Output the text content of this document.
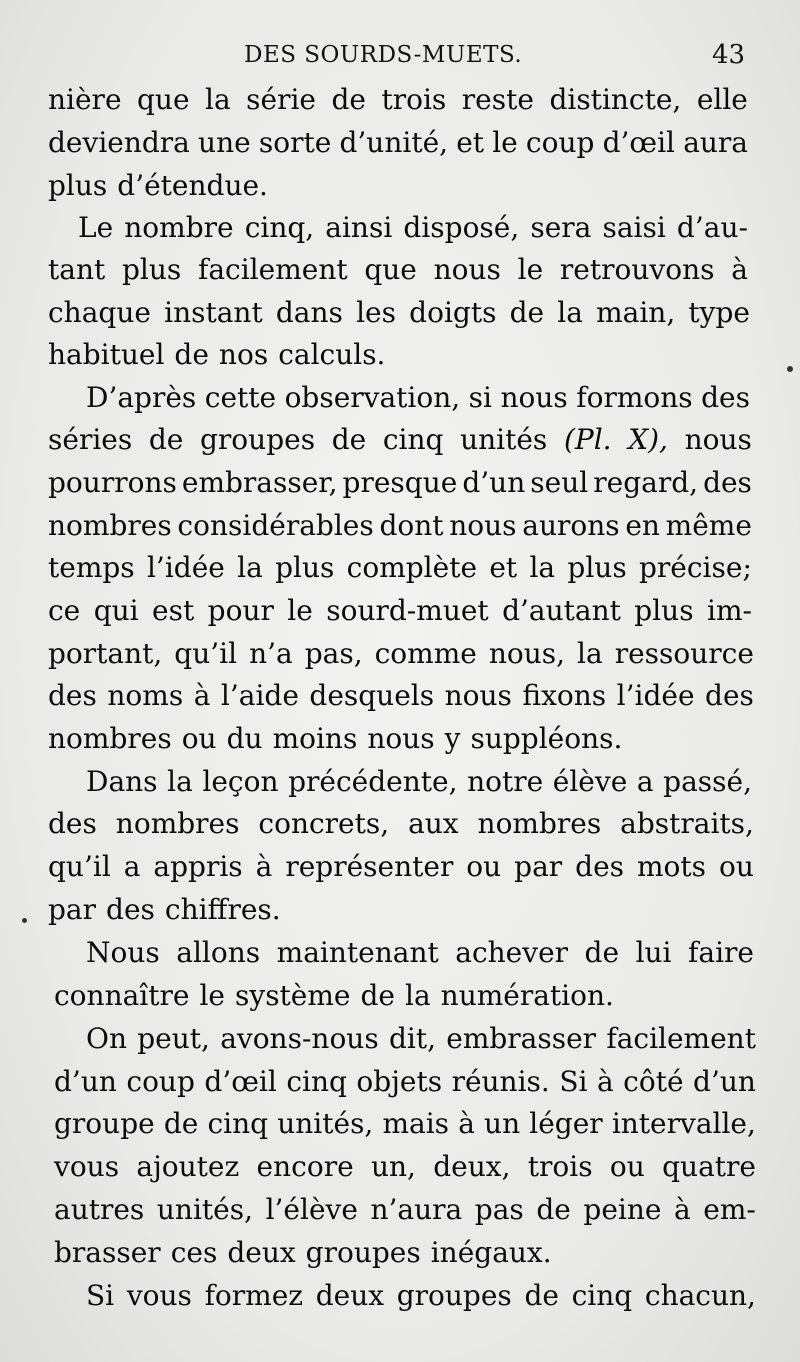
DES SOURDS-MUETS.	43
nière que la série de trois reste distincte, elle
deviendra une sorte d’unité, et le coup d’œil aura
plus d’étendue.
Le nombre cinq, ainsi disposé, sera saisi d’au-
tant plus facilement que nous le retrouvons à
chaque instant dans les doigts de la main, type
habituel de nos calculs.
D’après cette observation, si nous formons des
séries de groupes de cinq unités (Pl. X), nous
pourrons embrasser, presque d’un seul regard, des
nombres considérables dont nous aurons en même
temps l’idée la plus complète et la plus précise;
ce qui est pour le sourd-muet d’autant plus im-
portant, qu’il n’a pas, comme nous, la ressource
des noms à l’aide desquels nous fixons l’idée des
nombres ou du moins nous y suppléons.
Dans la leçon précédente, notre élève a passé,
des nombres concrets, aux nombres abstraits,
qu’il a appris à représenter ou par des mots ou
par des chiffres.
Nous allons maintenant achever de lui faire
connaître le système de la numération.
On peut, avons-nous dit, embrasser facilement
d’un coup d’œil cinq objets réunis. Si à côté d’un
groupe de cinq unités, mais à un léger intervalle,
vous ajoutez encore un, deux, trois ou quatre
autres unités, l’élève n’aura pas de peine à em-
brasser ces deux groupes inégaux.
Si vous formez deux groupes de cinq chacun,
